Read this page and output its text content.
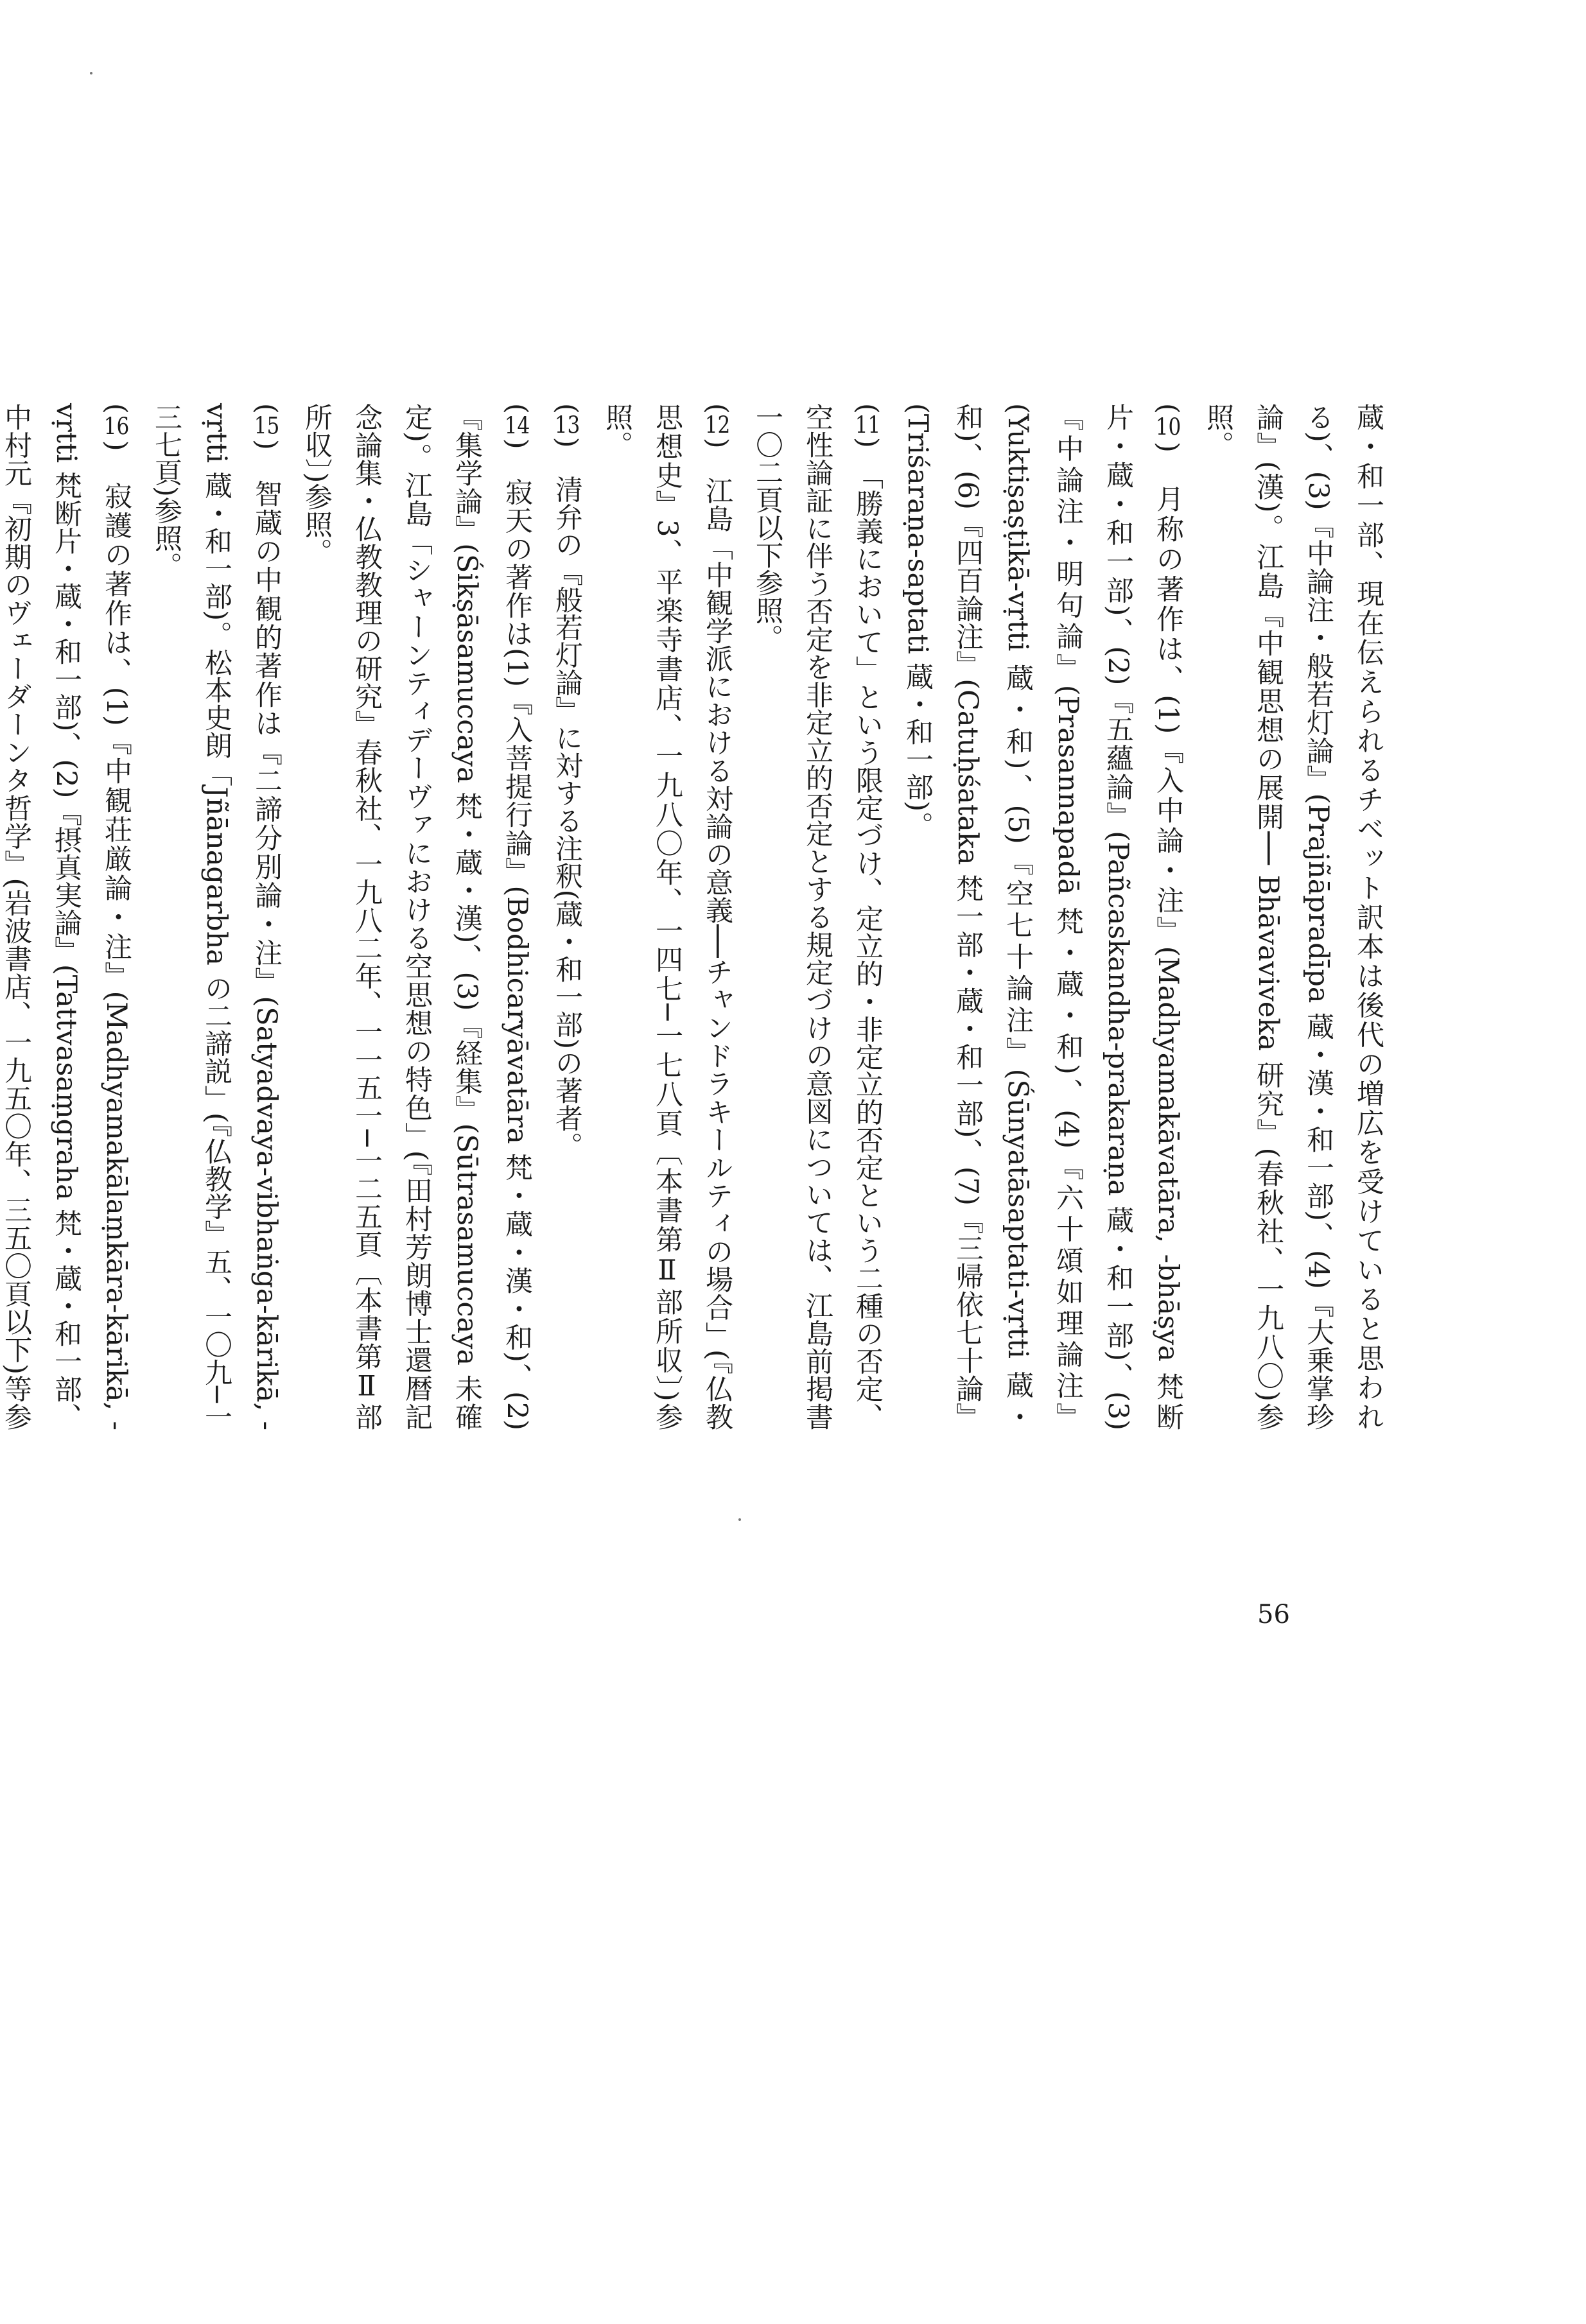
蔵・和一部、現在伝えられるチベット訳本は後代の増広を受けていると思われる)、(3)『中論注・般若灯論』(Prajñāpradīpa 蔵・漢・和一部)、(4)『大乗掌珍論』(漢)。江島『中観思想の展開── Bhāvaviveka 研究』(春秋社、一九八〇)参照。

(10)　月称の著作は、(1)『入中論・注』(Madhyamakāvatāra, -bhāṣya 梵断片・蔵・和一部)、(2)『五蘊論』(Pañcaskandha-prakaraṇa 蔵・和一部)、(3)『中論注・明句論』(Prasannapadā 梵・蔵・和)、(4)『六十頌如理論注』(Yuktiṣaṣṭikā-vṛtti 蔵・和)、(5)『空七十論注』(Śūnyatāsaptati-vṛtti 蔵・和)、(6)『四百論注』(Catuḥśataka 梵一部・蔵・和一部)、(7)『三帰依七十論』(Triśaraṇa-saptati 蔵・和一部)。

(11)　「勝義において」という限定づけ、定立的・非定立的否定という二種の否定、空性論証に伴う否定を非定立的否定とする規定づけの意図については、江島前掲書一〇二頁以下参照。

(12)　江島「中観学派における対論の意義──チャンドラキールティの場合」(『仏教思想史』3、平楽寺書店、一九八〇年、一四七─一七八頁〔本書第Ⅱ部所収〕)参照。

(13)　清弁の『般若灯論』に対する注釈(蔵・和一部)の著者。

(14)　寂天の著作は(1)『入菩提行論』(Bodhicaryāvatāra 梵・蔵・漢・和)、(2)『集学論』(Śikṣāsamuccaya 梵・蔵・漢)、(3)『経集』(Sūtrasamuccaya 未確定)。江島「シャーンティデーヴァにおける空思想の特色」(『田村芳朗博士還暦記念論集・仏教教理の研究』春秋社、一九八二年、一一五一─一二五頁〔本書第Ⅱ部所収〕)参照。

(15)　智蔵の中観的著作は『二諦分別論・注』(Satyadvaya-vibhaṅga-kārikā, -vṛtti 蔵・和一部)。松本史朗「Jñānagarbha の二諦説」(『仏教学』五、一〇九─一三七頁)参照。

(16)　寂護の著作は、(1)『中観荘厳論・注』(Madhyamakālaṃkāra-kārikā, -vṛtti 梵断片・蔵・和一部)、(2)『摂真実論』(Tattvasaṃgraha 梵・蔵・和一部、中村元『初期のヴェーダーンタ哲学』(岩波書店、一九五〇年、三五〇頁以下)等参

56
